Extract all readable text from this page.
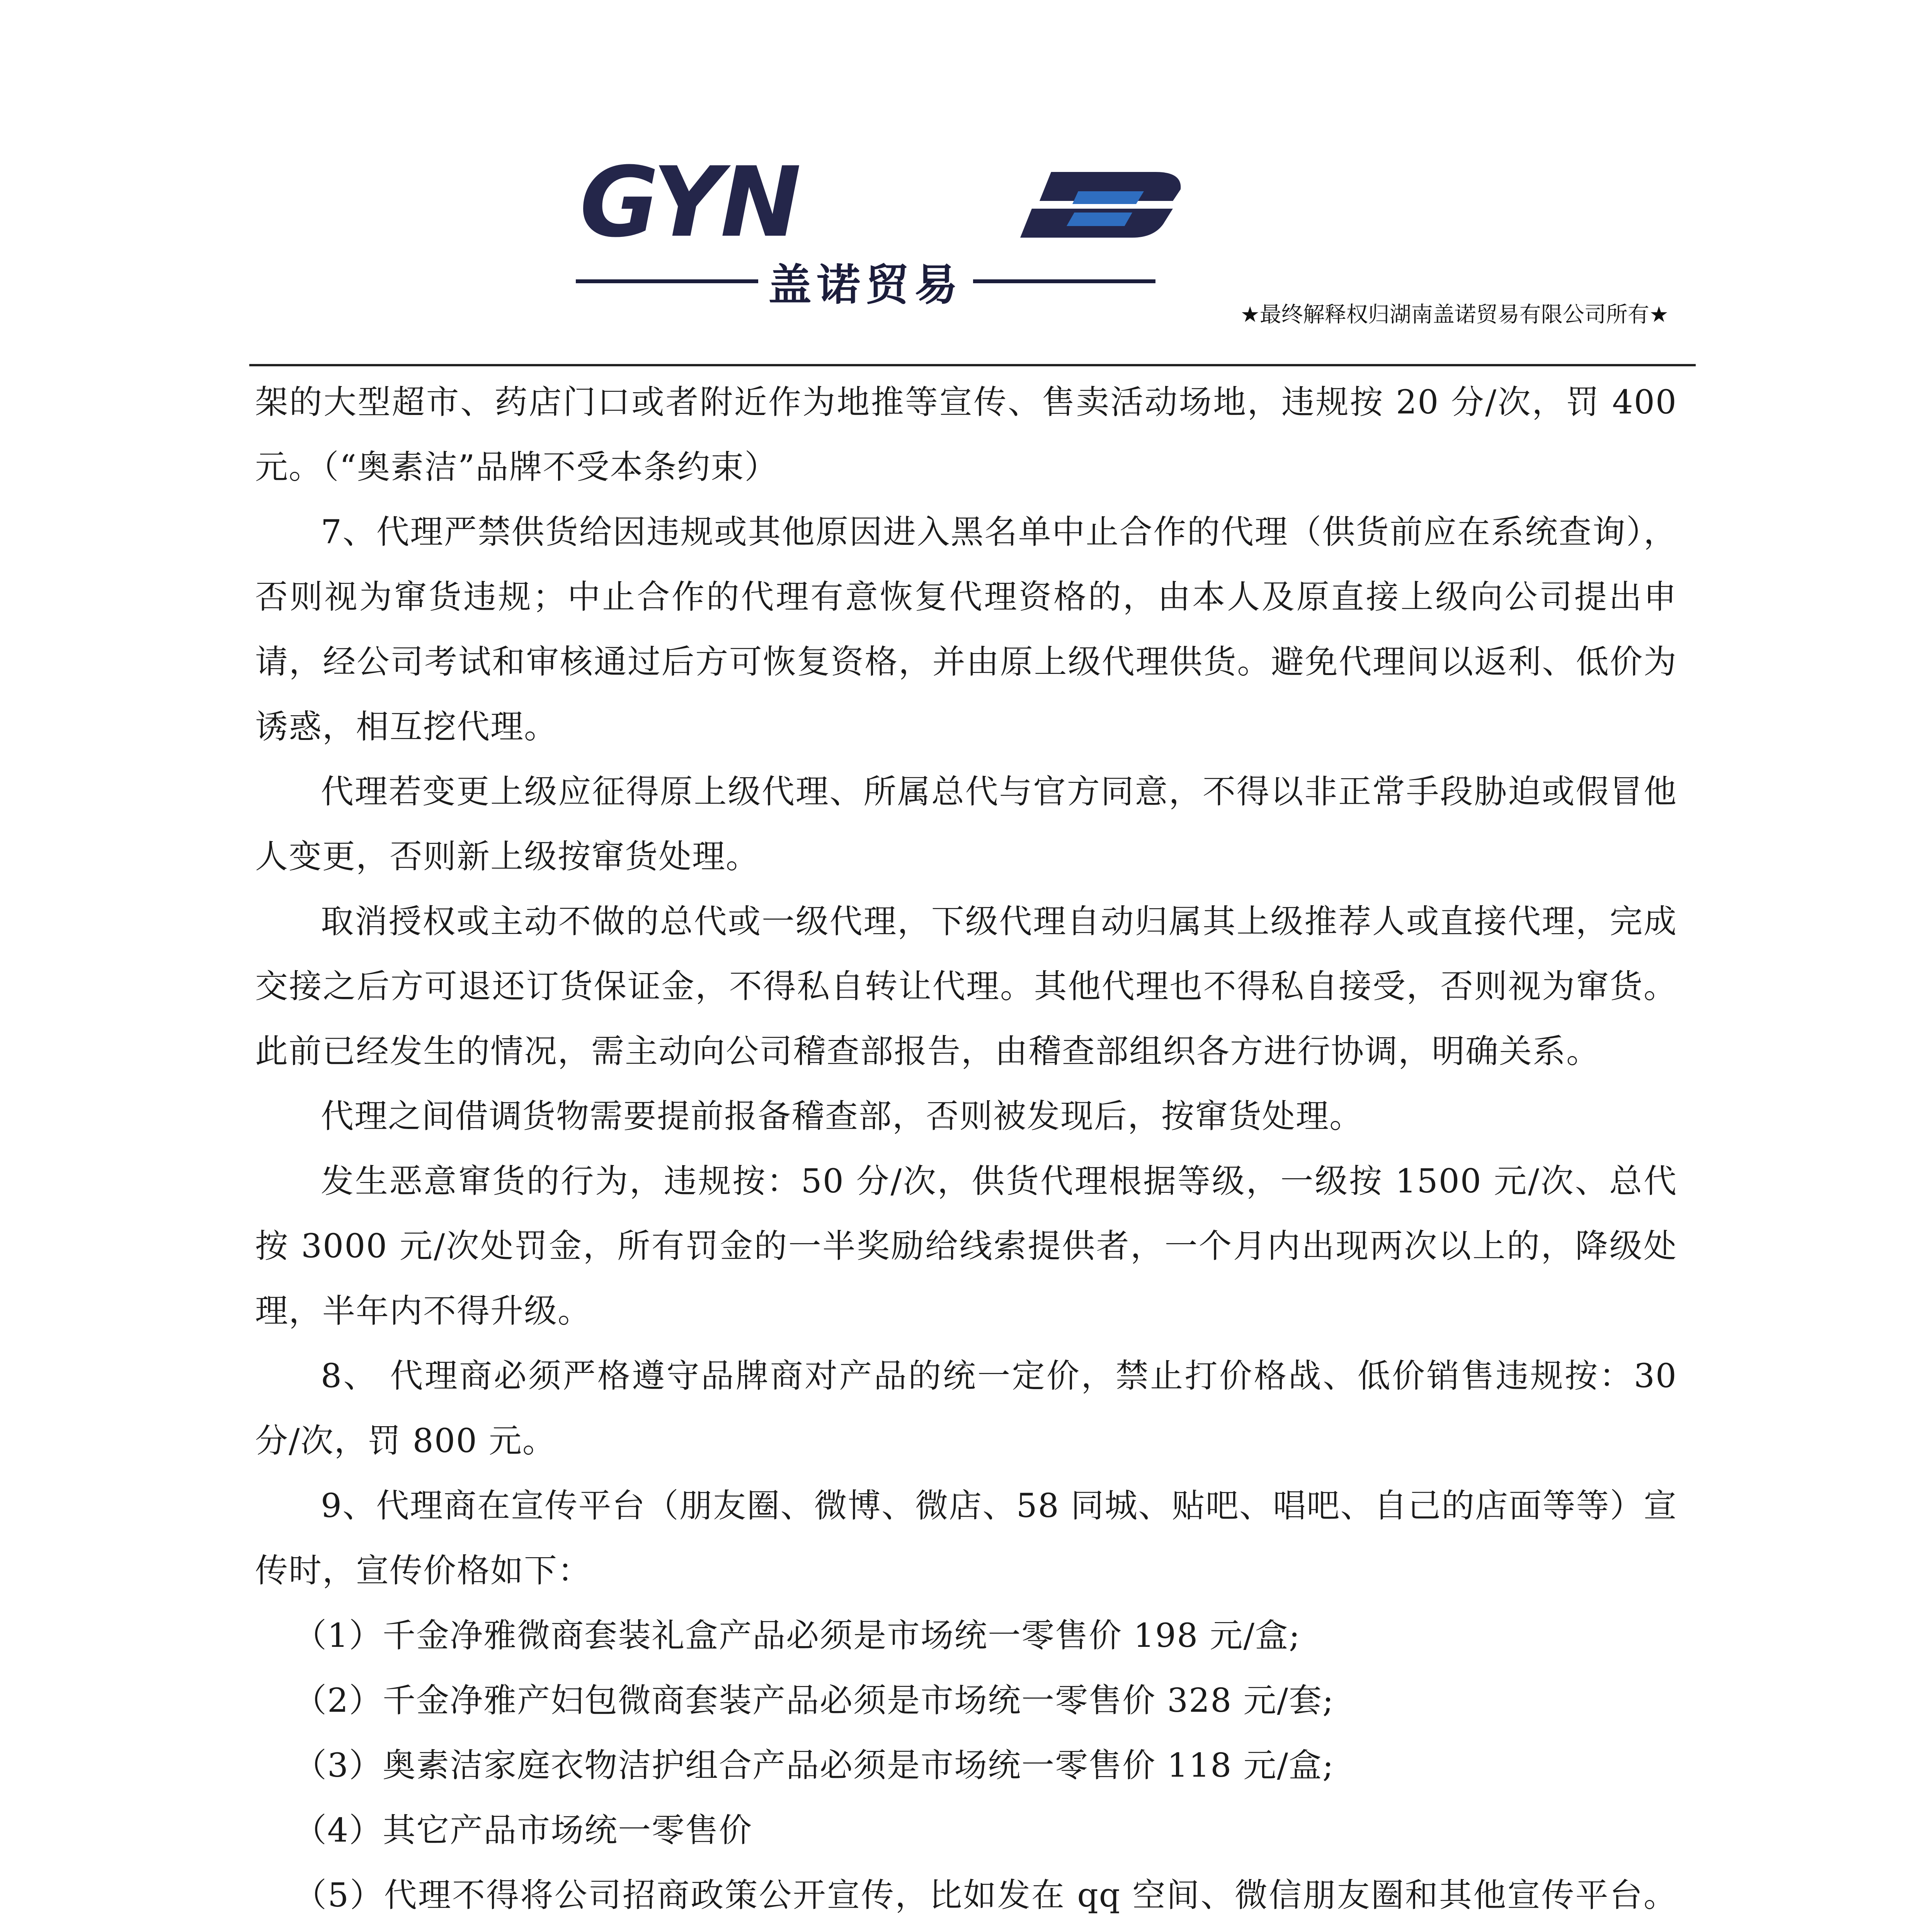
GYN
盖诺贸易
★最终解释权归湖南盖诺贸易有限公司所有★

架的大型超市、药店门口或者附近作为地推等宣传、售卖活动场地，违规按 20 分/次，罚 400 元。（“奥素洁”品牌不受本条约束）

7、代理严禁供货给因违规或其他原因进入黑名单中止合作的代理（供货前应在系统查询），否则视为窜货违规；中止合作的代理有意恢复代理资格的，由本人及原直接上级向公司提出申请，经公司考试和审核通过后方可恢复资格，并由原上级代理供货。避免代理间以返利、低价为诱惑，相互挖代理。

代理若变更上级应征得原上级代理、所属总代与官方同意，不得以非正常手段胁迫或假冒他人变更，否则新上级按窜货处理。

取消授权或主动不做的总代或一级代理，下级代理自动归属其上级推荐人或直接代理，完成交接之后方可退还订货保证金，不得私自转让代理。其他代理也不得私自接受，否则视为窜货。此前已经发生的情况，需主动向公司稽查部报告，由稽查部组织各方进行协调，明确关系。

代理之间借调货物需要提前报备稽查部，否则被发现后，按窜货处理。

发生恶意窜货的行为，违规按：50 分/次，供货代理根据等级，一级按 1500 元/次、总代按 3000 元/次处罚金，所有罚金的一半奖励给线索提供者，一个月内出现两次以上的，降级处理，半年内不得升级。

8、 代理商必须严格遵守品牌商对产品的统一定价，禁止打价格战、低价销售违规按：30 分/次，罚 800 元。

9、代理商在宣传平台（朋友圈、微博、微店、58 同城、贴吧、唱吧、自己的店面等等）宣传时，宣传价格如下：

（1）千金净雅微商套装礼盒产品必须是市场统一零售价 198 元/盒;

（2）千金净雅产妇包微商套装产品必须是市场统一零售价 328 元/套;

（3）奥素洁家庭衣物洁护组合产品必须是市场统一零售价 118 元/盒;

（4）其它产品市场统一零售价

（5）代理不得将公司招商政策公开宣传，比如发在 qq 空间、微信朋友圈和其他宣传平台。
